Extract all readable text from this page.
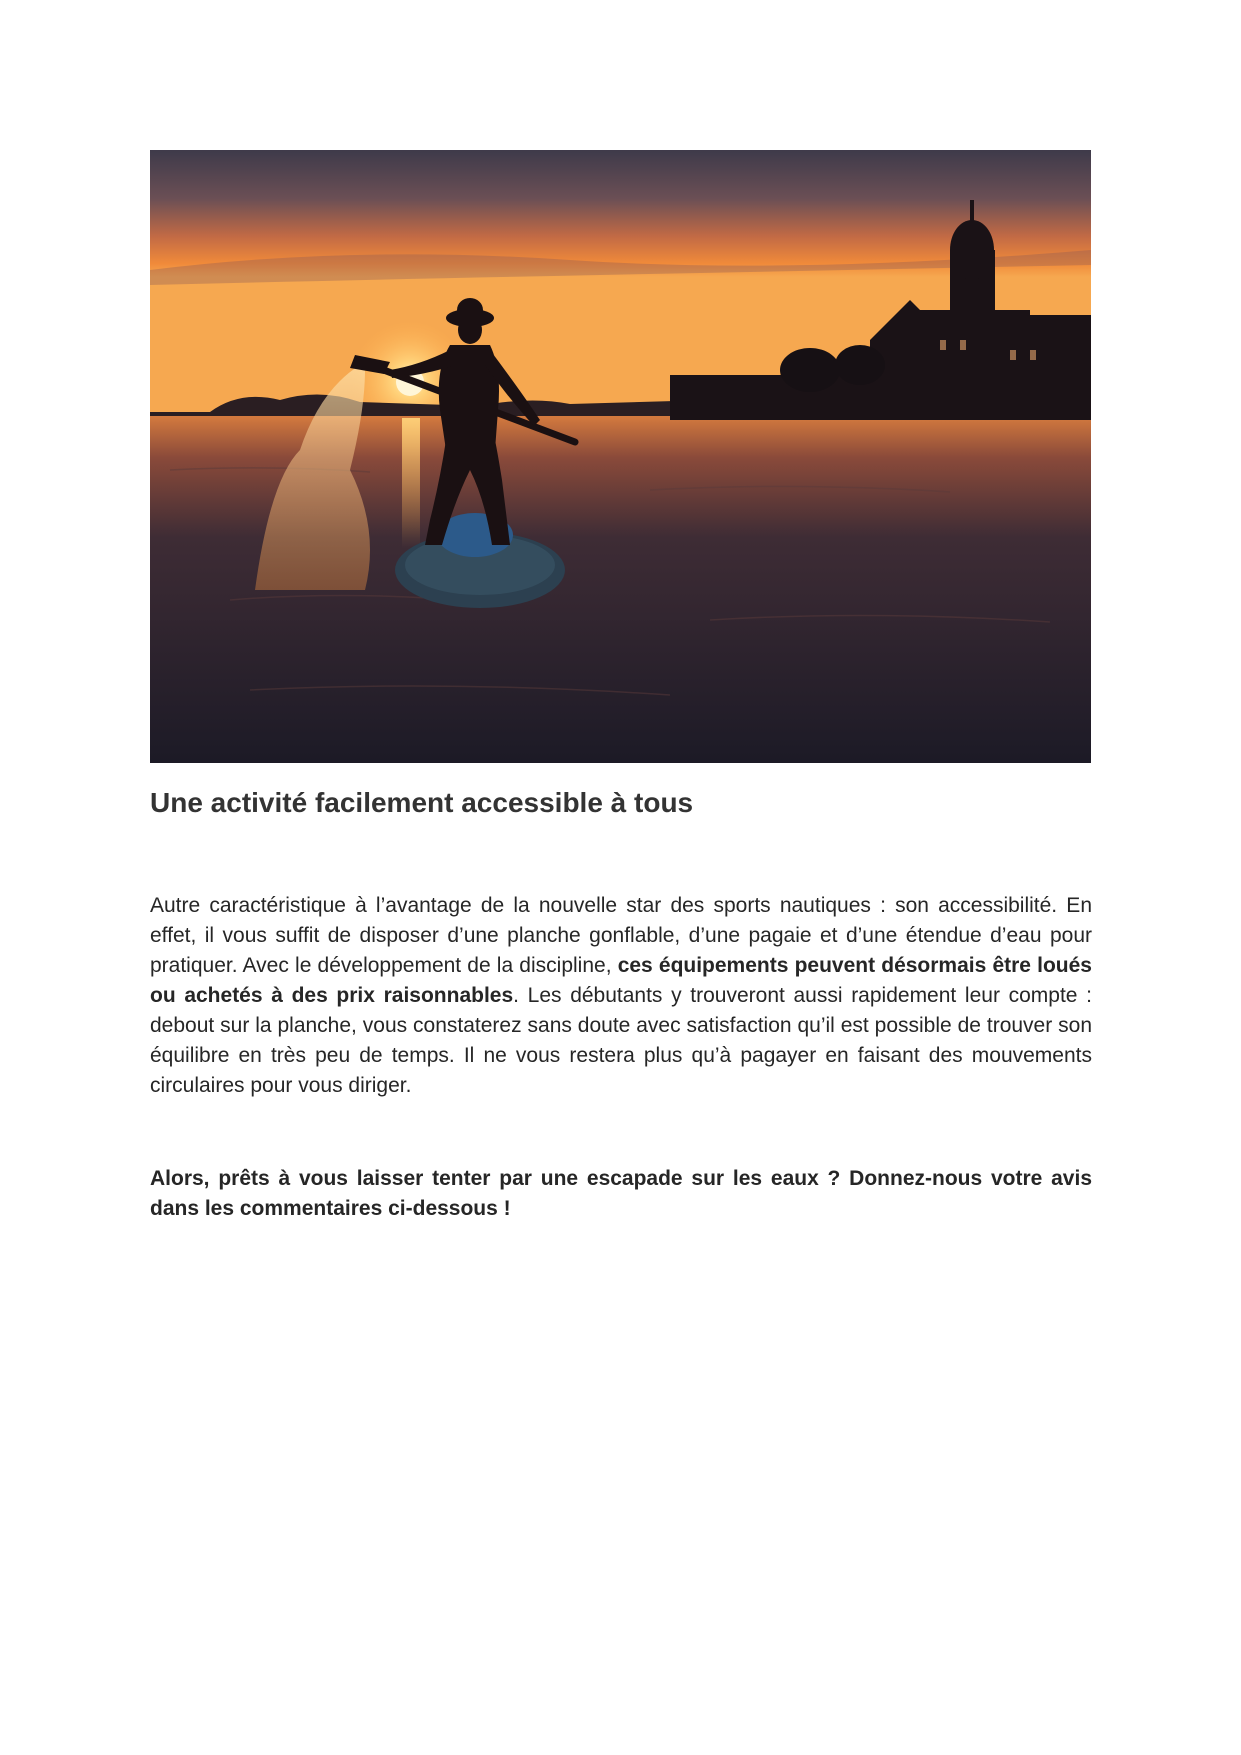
Une activité facilement accessible à tous

Autre caractéristique à l’avantage de la nouvelle star des sports nautiques : son accessibilité. En effet, il vous suffit de disposer d’une planche gonflable, d’une pagaie et d’une étendue d’eau pour pratiquer. Avec le développement de la discipline, ces équipements peuvent désormais être loués ou achetés à des prix raisonnables. Les débutants y trouveront aussi rapidement leur compte : debout sur la planche, vous constaterez sans doute avec satisfaction qu’il est possible de trouver son équilibre en très peu de temps. Il ne vous restera plus qu’à pagayer en faisant des mouvements circulaires pour vous diriger.

Alors, prêts à vous laisser tenter par une escapade sur les eaux ? Donnez-nous votre avis dans les commentaires ci-dessous !
